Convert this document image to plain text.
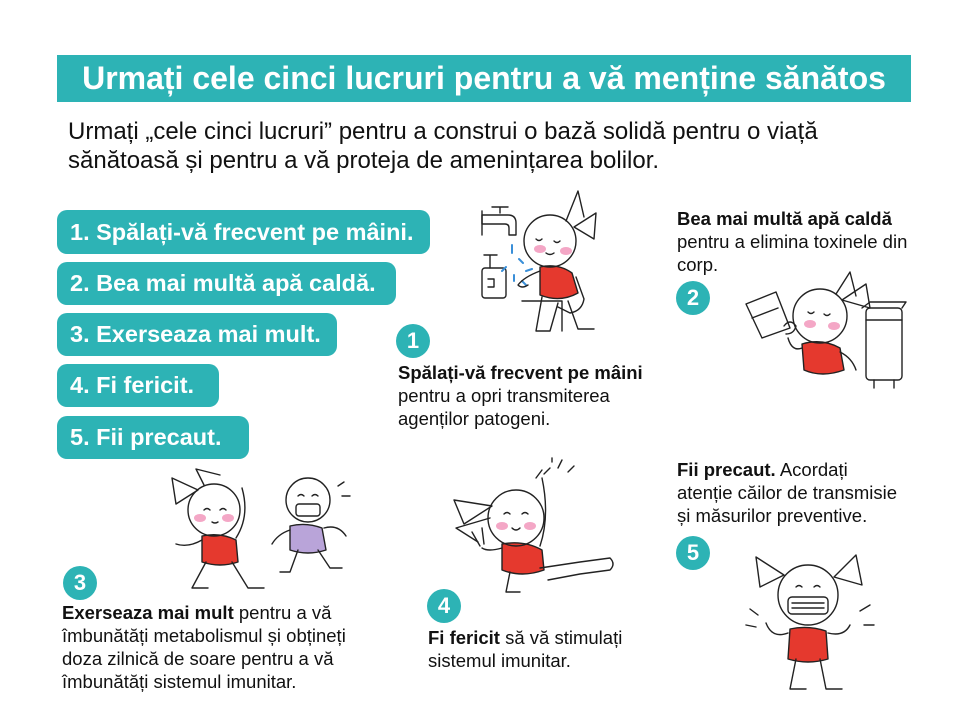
Urmați cele cinci lucruri pentru a vă menține sănătos

Urmați „cele cinci lucruri” pentru a construi o bază solidă pentru o viață sănătoasă și pentru a vă proteja de amenințarea bolilor.

1. Spălați-vă frecvent pe mâini.
2. Bea mai multă apă caldă.
3. Exerseaza mai mult.
4. Fi fericit.
5. Fii precaut.
1
2
3
4
5
Spălați-vă frecvent pe mâini pentru a opri transmiterea agenților patogeni.
Bea mai multă apă caldă pentru a elimina toxinele din corp.
Exerseaza mai mult pentru a vă îmbunătăți metabolismul și obțineți doza zilnică de soare pentru a vă îmbunătăți sistemul imunitar.
Fi fericit să vă stimulați sistemul imunitar.
Fii precaut. Acordați atenție căilor de transmisie și măsurilor preventive.
